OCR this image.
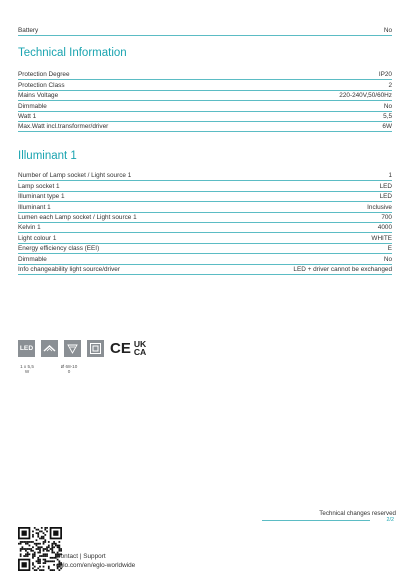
Battery	No
Technical Information
Protection Degree	IP20
Protection Class	2
Mains Voltage	220-240V,50/60Hz
Dimmable	No
Watt 1	5,5
Max.Watt incl.transformer/driver	6W
Illuminant 1
Number of Lamp socket / Light source 1	1
Lamp socket 1	LED
Illuminant type 1	LED
Illuminant 1	Inclusive
Lumen each Lamp socket / Light source 1	700
Kelvin 1	4000
Light colour 1	WHITE
Energy efficiency class (EEI)	E
Dimmable	No
Info changeability light source/driver	LED + driver cannot be exchanged
LED	CE UK
CA
1 x 5,5
W
Ø 68-10
0
Technical changes reserved
2/2
Contact | Support
eglo.com/en/eglo-worldwide
